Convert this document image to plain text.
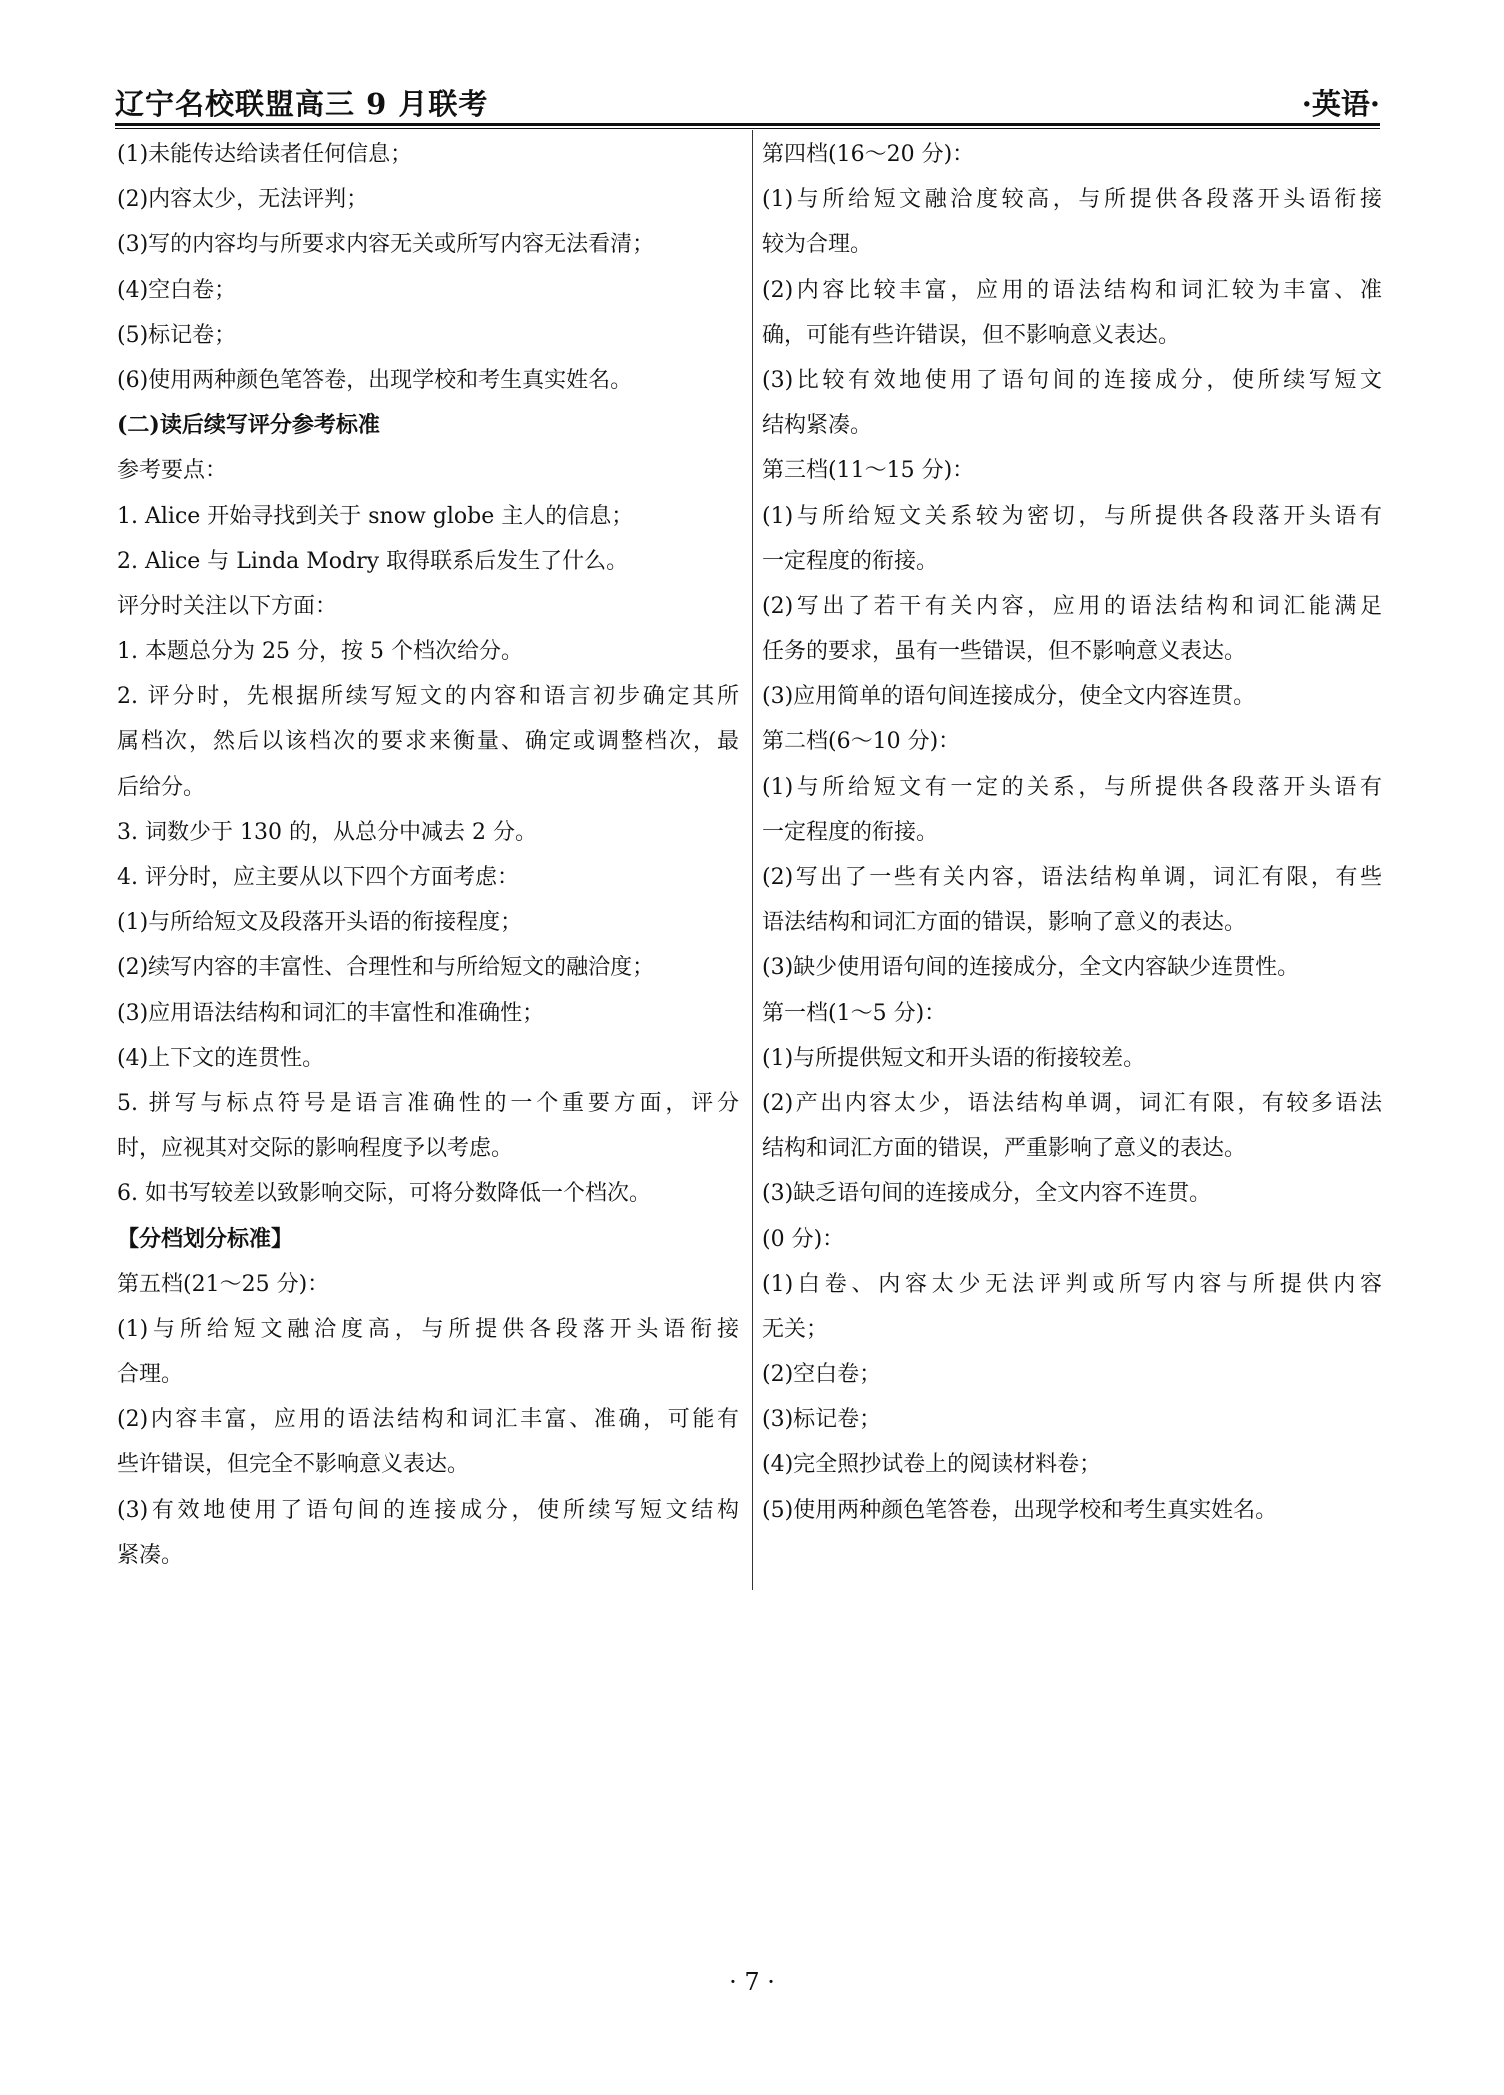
辽宁名校联盟高三 9 月联考	·英语·
(1)未能传达给读者任何信息；
(2)内容太少，无法评判；
(3)写的内容均与所要求内容无关或所写内容无法看清；
(4)空白卷；
(5)标记卷；
(6)使用两种颜色笔答卷，出现学校和考生真实姓名。
(二)读后续写评分参考标准
参考要点：
1. Alice 开始寻找到关于 snow globe 主人的信息；
2. Alice 与 Linda Modry 取得联系后发生了什么。
评分时关注以下方面：
1. 本题总分为 25 分，按 5 个档次给分。
2. 评分时，先根据所续写短文的内容和语言初步确定其所
属档次，然后以该档次的要求来衡量、确定或调整档次，最
后给分。
3. 词数少于 130 的，从总分中减去 2 分。
4. 评分时，应主要从以下四个方面考虑：
(1)与所给短文及段落开头语的衔接程度；
(2)续写内容的丰富性、合理性和与所给短文的融洽度；
(3)应用语法结构和词汇的丰富性和准确性；
(4)上下文的连贯性。
5. 拼写与标点符号是语言准确性的一个重要方面，评分
时，应视其对交际的影响程度予以考虑。
6. 如书写较差以致影响交际，可将分数降低一个档次。
【分档划分标准】
第五档(21～25 分)：
(1)与所给短文融洽度高，与所提供各段落开头语衔接
合理。
(2)内容丰富，应用的语法结构和词汇丰富、准确，可能有
些许错误，但完全不影响意义表达。
(3)有效地使用了语句间的连接成分，使所续写短文结构
紧凑。
第四档(16～20 分)：
(1)与所给短文融洽度较高，与所提供各段落开头语衔接
较为合理。
(2)内容比较丰富，应用的语法结构和词汇较为丰富、准
确，可能有些许错误，但不影响意义表达。
(3)比较有效地使用了语句间的连接成分，使所续写短文
结构紧凑。
第三档(11～15 分)：
(1)与所给短文关系较为密切，与所提供各段落开头语有
一定程度的衔接。
(2)写出了若干有关内容，应用的语法结构和词汇能满足
任务的要求，虽有一些错误，但不影响意义表达。
(3)应用简单的语句间连接成分，使全文内容连贯。
第二档(6～10 分)：
(1)与所给短文有一定的关系，与所提供各段落开头语有
一定程度的衔接。
(2)写出了一些有关内容，语法结构单调，词汇有限，有些
语法结构和词汇方面的错误，影响了意义的表达。
(3)缺少使用语句间的连接成分，全文内容缺少连贯性。
第一档(1～5 分)：
(1)与所提供短文和开头语的衔接较差。
(2)产出内容太少，语法结构单调，词汇有限，有较多语法
结构和词汇方面的错误，严重影响了意义的表达。
(3)缺乏语句间的连接成分，全文内容不连贯。
(0 分)：
(1)白卷、内容太少无法评判或所写内容与所提供内容
无关；
(2)空白卷；
(3)标记卷；
(4)完全照抄试卷上的阅读材料卷；
(5)使用两种颜色笔答卷，出现学校和考生真实姓名。
· 7 ·
